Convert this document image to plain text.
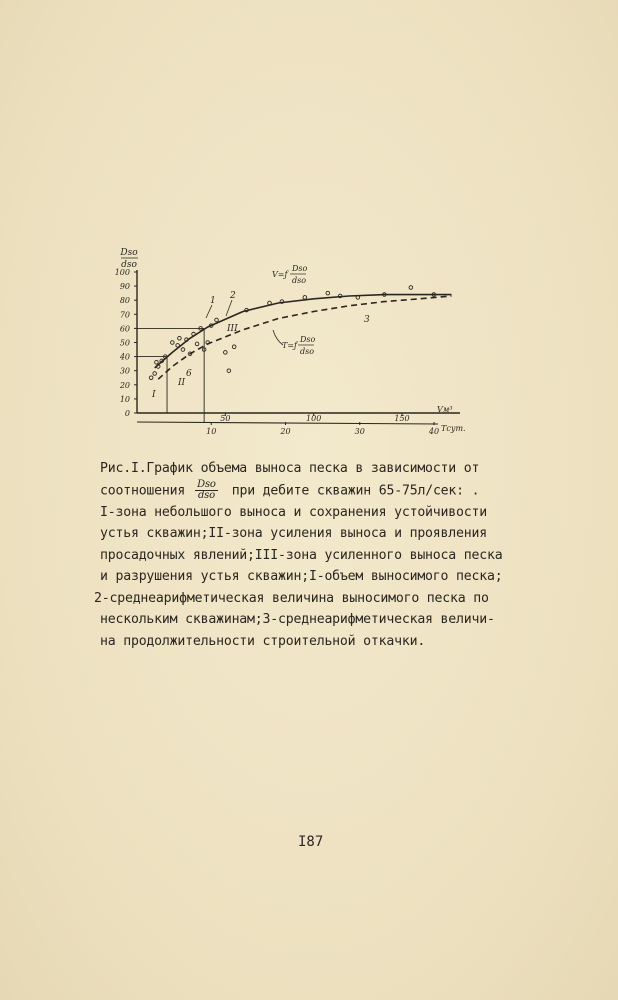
0
10
20
30
40
50
60
70
80
90
100
Dso
dso
50	100	150
Vм³
10	20	30	40 Tсут.
V=ƒ
Dso
dso
T=ƒ
Dso
dso
1 2
3
6
I
II
III
Рис.I.График объема выноса песка в зависимости от
соотношения $\frac{\text{Dso}}{\text{dso}}$ при дебите скважин 65-75л/сек: .
I-зона небольшого выноса и сохранения устойчивости
устья скважин;II-зона усиления выноса и проявления
просадочных явлений;III-зона усиленного выноса песка
и разрушения устья скважин;I-объем выносимого песка;
2-среднеарифметическая величина выносимого песка по
нескольким скважинам;3-среднеарифметическая величи-
на продолжительности строительной откачки.
I87
